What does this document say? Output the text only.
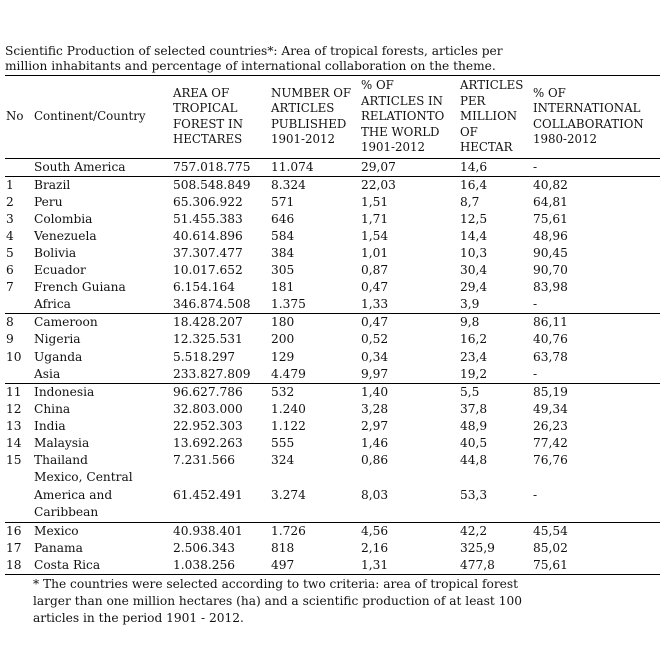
Scientific Production of selected countries*: Area of tropical forests, articles per million inhabitants and percentage of international collaboration on the theme.

No	Continent/Country	AREA OF TROPICAL FOREST IN HECTARES	NUMBER OF ARTICLES PUBLISHED 1901-2012	% OF ARTICLES IN RELATIONTO THE WORLD 1901-2012	ARTICLES PER MILLION OF HECTAR	% OF INTERNATIONAL COLLABORATION 1980-2012
	South America	757.018.775	11.074	29,07	14,6	-
1	Brazil	508.548.849	8.324	22,03	16,4	40,82
2	Peru	65.306.922	571	1,51	8,7	64,81
3	Colombia	51.455.383	646	1,71	12,5	75,61
4	Venezuela	40.614.896	584	1,54	14,4	48,96
5	Bolivia	37.307.477	384	1,01	10,3	90,45
6	Ecuador	10.017.652	305	0,87	30,4	90,70
7	French Guiana	6.154.164	181	0,47	29,4	83,98
	Africa	346.874.508	1.375	1,33	3,9	-
8	Cameroon	18.428.207	180	0,47	9,8	86,11
9	Nigeria	12.325.531	200	0,52	16,2	40,76
10	Uganda	5.518.297	129	0,34	23,4	63,78
	Asia	233.827.809	4.479	9,97	19,2	-
11	Indonesia	96.627.786	532	1,40	5,5	85,19
12	China	32.803.000	1.240	3,28	37,8	49,34
13	India	22.952.303	1.122	2,97	48,9	26,23
14	Malaysia	13.692.263	555	1,46	40,5	77,42
15	Thailand	7.231.566	324	0,86	44,8	76,76
	Mexico, Central America and Caribbean	61.452.491	3.274	8,03	53,3	-
16	Mexico	40.938.401	1.726	4,56	42,2	45,54
17	Panama	2.506.343	818	2,16	325,9	85,02
18	Costa Rica	1.038.256	497	1,31	477,8	75,61

* The countries were selected according to two criteria: area of tropical forest larger than one million hectares (ha) and a scientific production of at least 100 articles in the period 1901 - 2012.
